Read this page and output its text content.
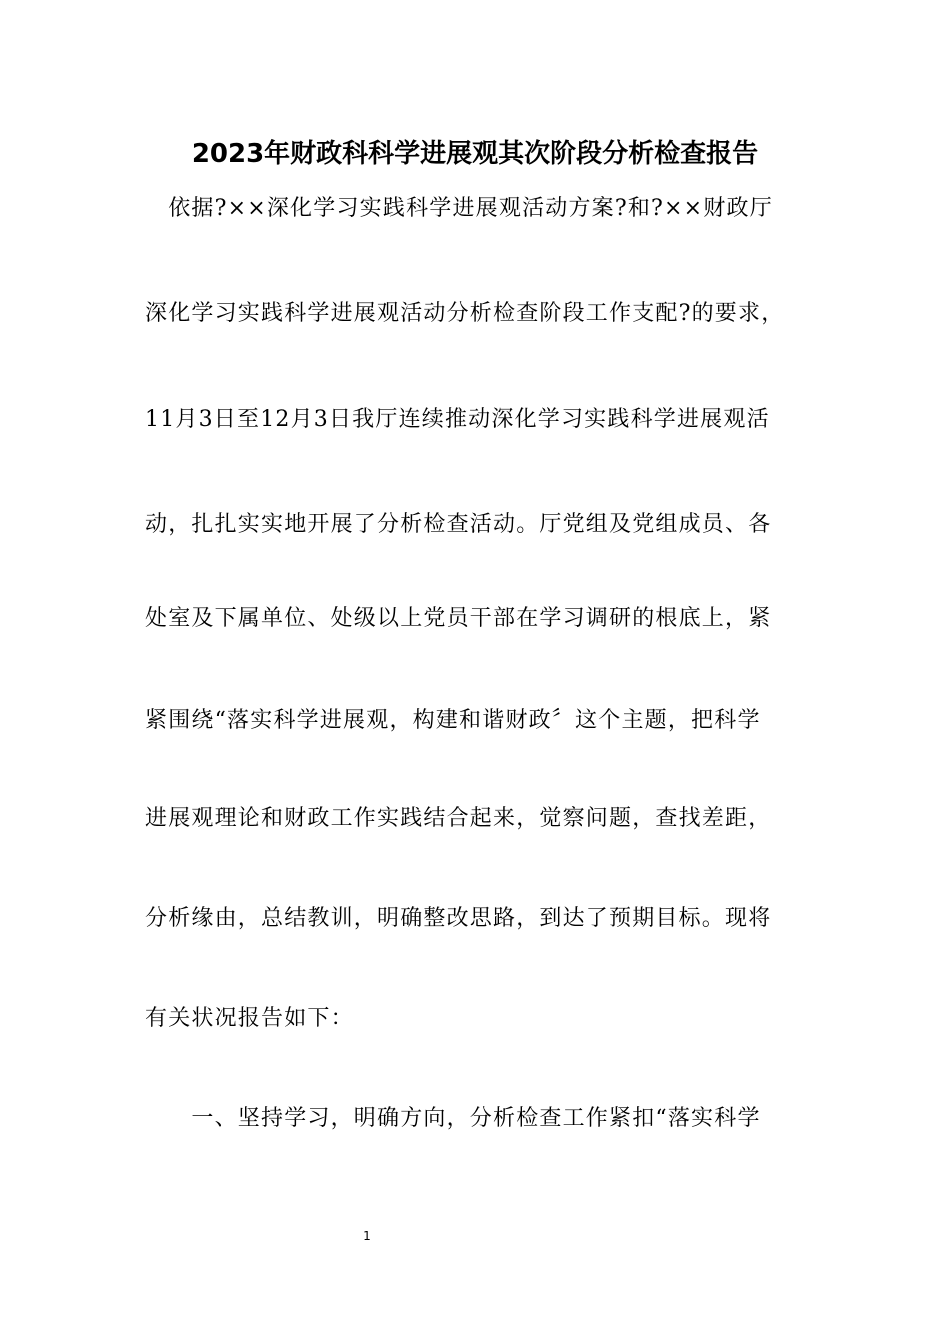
2023年财政科科学进展观其次阶段分析检查报告
　依据?××深化学习实践科学进展观活动方案?和?××财政厅
深化学习实践科学进展观活动分析检查阶段工作支配?的要求，
11月3日至12月3日我厅连续推动深化学习实践科学进展观活
动，扎扎实实地开展了分析检查活动。厅党组及党组成员、各
处室及下属单位、处级以上党员干部在学习调研的根底上，紧
紧围绕“落实科学进展观，构建和谐财政〞这个主题，把科学
进展观理论和财政工作实践结合起来，觉察问题，查找差距，
分析缘由，总结教训，明确整改思路，到达了预期目标。现将
有关状况报告如下：
　　一、坚持学习，明确方向，分析检查工作紧扣“落实科学
1
